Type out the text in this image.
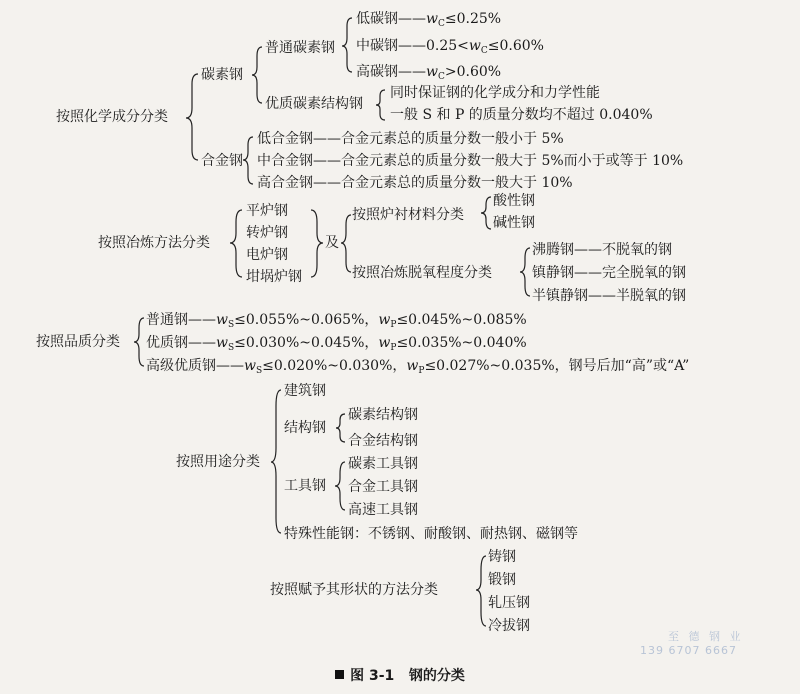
按照化学成分分类
按照冶炼方法分类
按照品质分类
按照用途分类
按照赋予其形状的方法分类
碳素钢
合金钢
普通碳素钢
优质碳素结构钢
低碳钢$——w_C\le 0.25\%$
中碳钢$——0.25<w_C\le 0.60\%$
高碳钢$——w_C>0.60\%$
同时保证钢的化学成分和力学性能
一般 S 和 P 的质量分数均不超过 0.040%
低合金钢——合金元素总的质量分数一般小于 5%
中合金钢——合金元素总的质量分数一般大于 5%而小于或等于 10%
高合金钢——合金元素总的质量分数一般大于 10%
平炉钢
转炉钢
电炉钢
坩埚炉钢
及
按照炉衬材料分类
酸性钢
碱性钢
按照冶炼脱氧程度分类
沸腾钢——不脱氧的钢
镇静钢——完全脱氧的钢
半镇静钢——半脱氧的钢
普通钢$——w_S\le 0.055\%\sim 0.065\%$，$w_P\le 0.045\%\sim 0.085\%$
优质钢$——w_S\le 0.030\%\sim 0.045\%$，$w_P\le 0.035\%\sim 0.040\%$
高级优质钢$——w_S\le 0.020\%\sim 0.030\%$，$w_P\le 0.027\%\sim 0.035\%$，钢号后加“高”或“A”
建筑钢
结构钢
碳素结构钢
合金结构钢
工具钢
碳素工具钢
合金工具钢
高速工具钢
特殊性能钢：不锈钢、耐酸钢、耐热钢、磁钢等
铸钢
锻钢
轧压钢
冷拔钢
至 德 钢 业
139 6707 6667
图 3-1 钢的分类
